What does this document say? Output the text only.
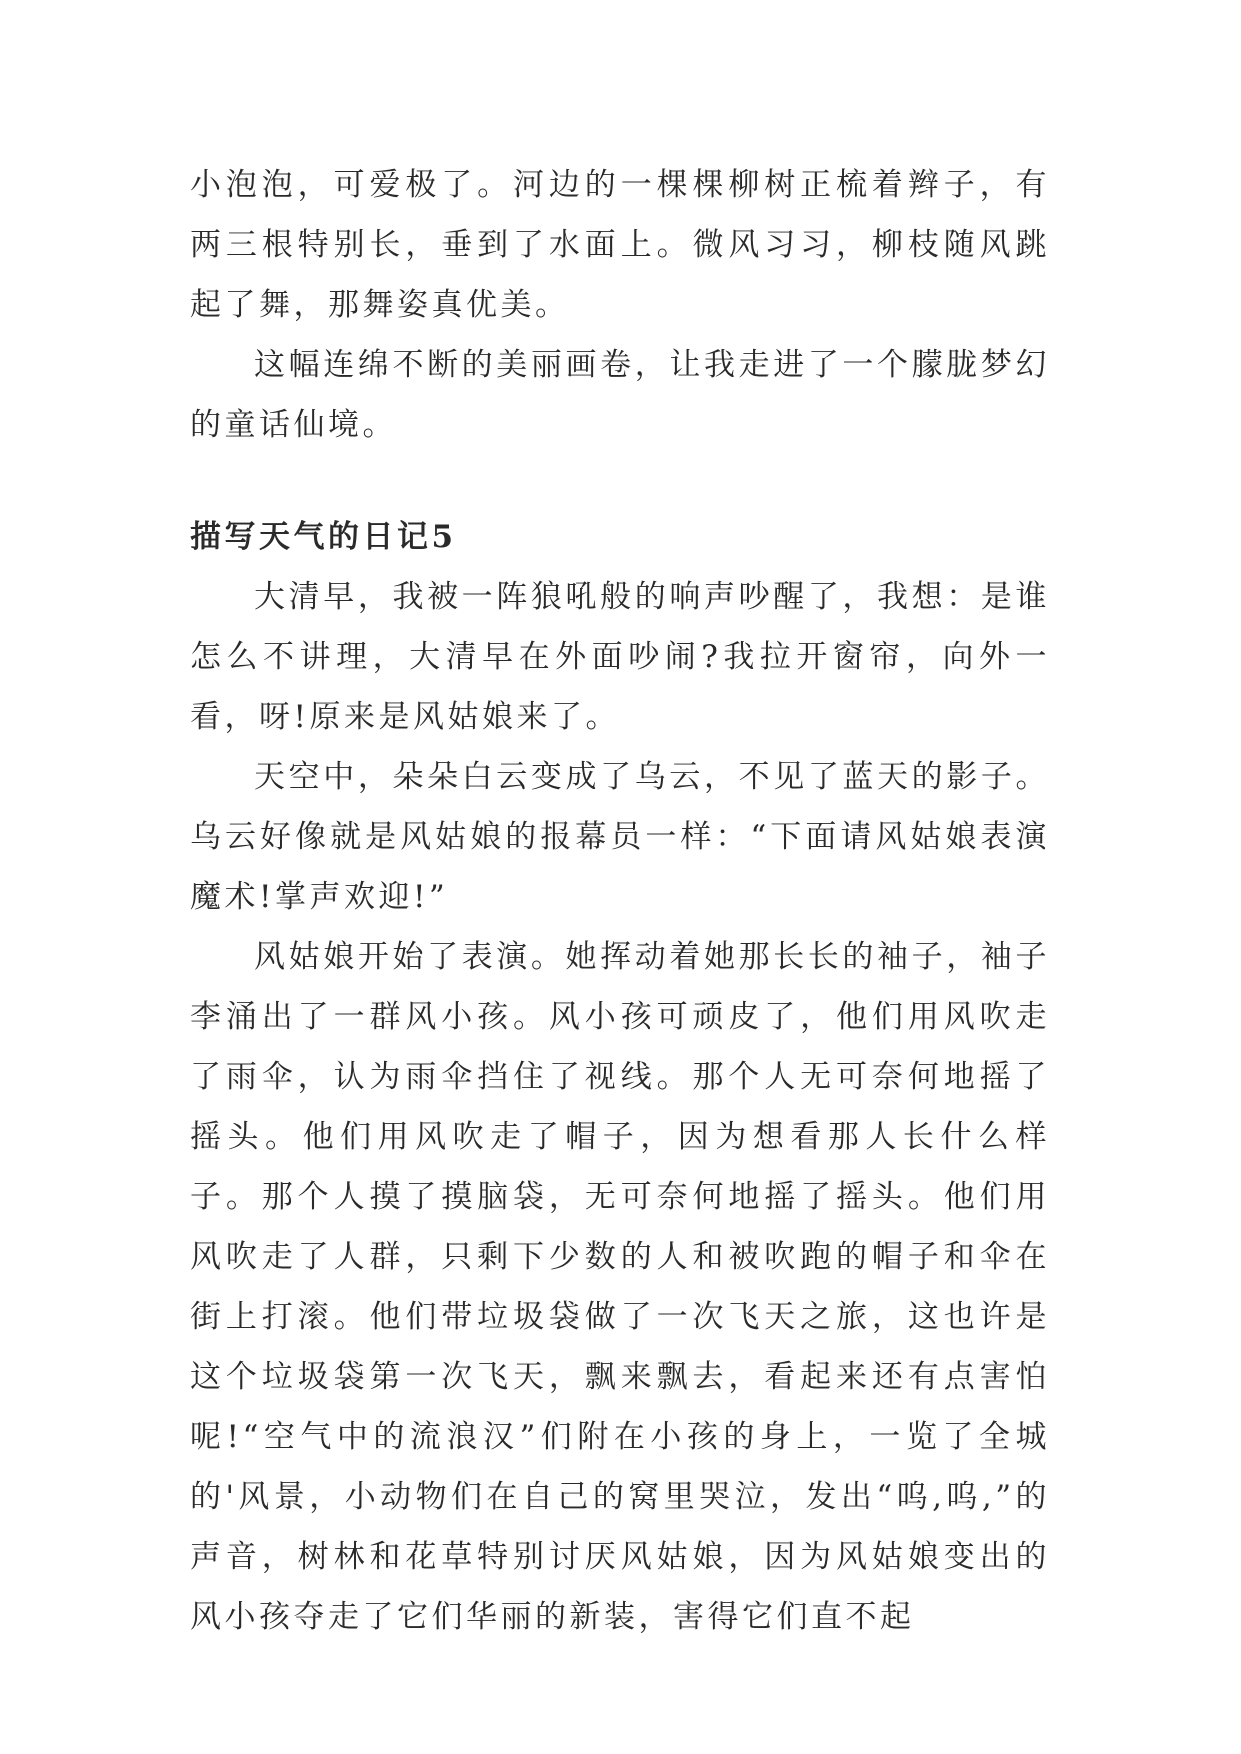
小泡泡，可爱极了。河边的一棵棵柳树正梳着辫子，有两三根特别长，垂到了水面上。微风习习，柳枝随风跳起了舞，那舞姿真优美。

这幅连绵不断的美丽画卷，让我走进了一个朦胧梦幻的童话仙境。

描写天气的日记5

大清早，我被一阵狼吼般的响声吵醒了，我想：是谁怎么不讲理，大清早在外面吵闹?我拉开窗帘，向外一看，呀!原来是风姑娘来了。

天空中，朵朵白云变成了乌云，不见了蓝天的影子。乌云好像就是风姑娘的报幕员一样：“下面请风姑娘表演魔术!掌声欢迎!”

风姑娘开始了表演。她挥动着她那长长的袖子，袖子李涌出了一群风小孩。风小孩可顽皮了，他们用风吹走了雨伞，认为雨伞挡住了视线。那个人无可奈何地摇了摇头。他们用风吹走了帽子，因为想看那人长什么样子。那个人摸了摸脑袋，无可奈何地摇了摇头。他们用风吹走了人群，只剩下少数的人和被吹跑的帽子和伞在街上打滚。他们带垃圾袋做了一次飞天之旅，这也许是这个垃圾袋第一次飞天，飘来飘去，看起来还有点害怕呢!“空气中的流浪汉”们附在小孩的身上，一览了全城的'风景，小动物们在自己的窝里哭泣，发出“呜,呜,”的声音，树林和花草特别讨厌风姑娘，因为风姑娘变出的风小孩夺走了它们华丽的新装，害得它们直不起
